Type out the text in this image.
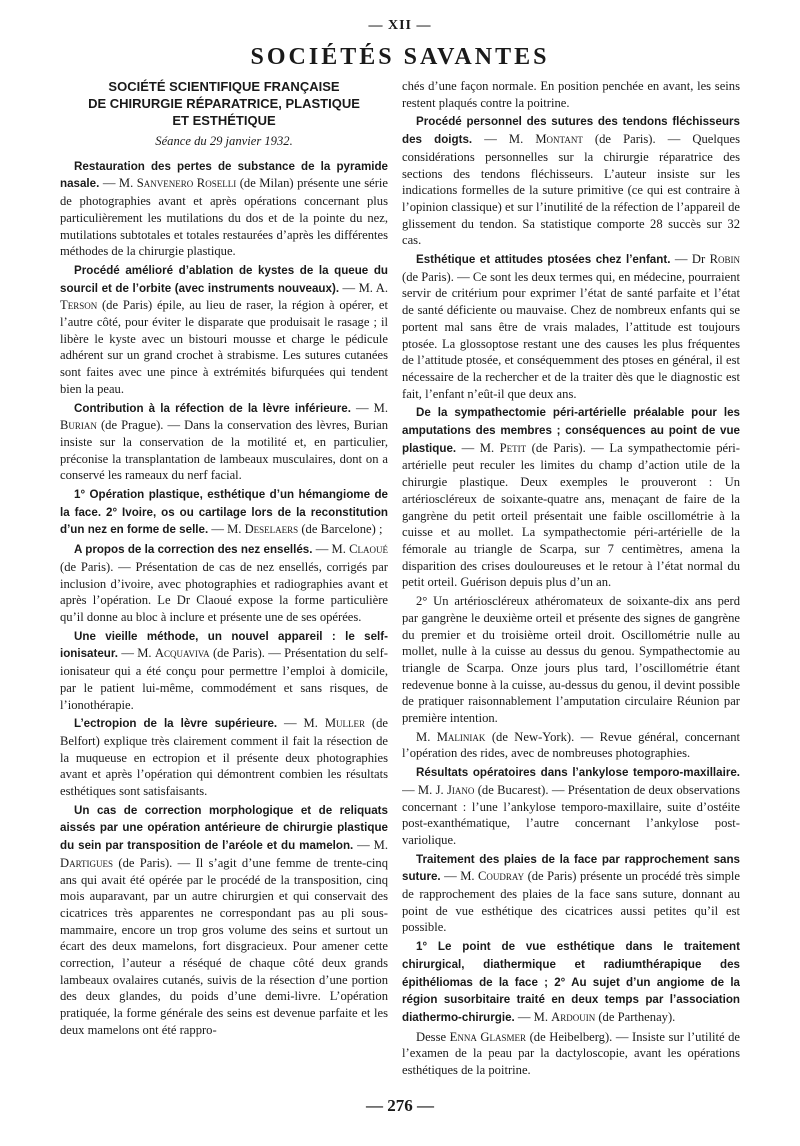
— XII —
SOCIÉTÉS SAVANTES
SOCIÉTÉ SCIENTIFIQUE FRANÇAISE
DE CHIRURGIE RÉPARATRICE, PLASTIQUE
ET ESTHÉTIQUE
Séance du 29 janvier 1932.

Restauration des pertes de substance de la pyramide nasale. — M. Sanvenero Roselli (de Milan) présente une série de photographies avant et après opérations concernant plus particulièrement les mutilations du dos et de la pointe du nez, mutilations subtotales et totales restaurées d’après les différentes méthodes de la chirurgie plastique.

Procédé amélioré d’ablation de kystes de la queue du sourcil et de l’orbite (avec instruments nouveaux). — M. A. Terson (de Paris) épile, au lieu de raser, la région à opérer, et l’autre côté, pour éviter le disparate que produisait le rasage ; il libère le kyste avec un bistouri mousse et charge le pédicule adhérent sur un grand crochet à strabisme. Les sutures cutanées sont faites avec une pince à extrémités bifurquées qui tendent bien la peau.

Contribution à la réfection de la lèvre inférieure. — M. Burian (de Prague). — Dans la conservation des lèvres, Burian insiste sur la conservation de la motilité et, en particulier, préconise la transplantation de lambeaux musculaires, dont on a conservé les rameaux du nerf facial.

1° Opération plastique, esthétique d’un hémangiome de la face. 2° Ivoire, os ou cartilage lors de la reconstitution d’un nez en forme de selle. — M. Deselaers (de Barcelone) ;

A propos de la correction des nez ensellés. — M. Claoué (de Paris). — Présentation de cas de nez ensellés, corrigés par inclusion d’ivoire, avec photographies et radiographies avant et après l’opération. Le Dr Claoué expose la forme particulière qu’il donne au bloc à inclure et présente une de ses opérées.

Une vieille méthode, un nouvel appareil : le self-ionisateur. — M. Acquaviva (de Paris). — Présentation du self-ionisateur qui a été conçu pour permettre l’emploi à domicile, par le patient lui-même, commodément et sans risques, de l’ionothérapie.

L’ectropion de la lèvre supérieure. — M. Muller (de Belfort) explique très clairement comment il fait la résection de la muqueuse en ectropion et il présente deux photographies avant et après l’opération qui démontrent combien les résultats esthétiques sont satisfaisants.

Un cas de correction morphologique et de reliquats aissés par une opération antérieure de chirurgie plastique du sein par transposition de l’aréole et du mamelon. — M. Dartigues (de Paris). — Il s’agit d’une femme de trente-cinq ans qui avait été opérée par le procédé de la transposition, cinq mois auparavant, par un autre chirurgien et qui conservait des cicatrices très apparentes ne correspondant pas au pli sous-mammaire, encore un trop gros volume des seins et surtout un écart des deux mamelons, fort disgracieux. Pour amener cette correction, l’auteur a réséqué de chaque côté deux grands lambeaux ovalaires cutanés, suivis de la résection d’une portion des deux glandes, du poids d’une demi-livre. L’opération pratiquée, la forme générale des seins est devenue parfaite et les deux mamelons ont été rappro-

chés d’une façon normale. En position penchée en avant, les seins restent plaqués contre la poitrine.

Procédé personnel des sutures des tendons fléchisseurs des doigts. — M. Montant (de Paris). — Quelques considérations personnelles sur la chirurgie réparatrice des sections des tendons fléchisseurs. L’auteur insiste sur les indications formelles de la suture primitive (ce qui est contraire à l’opinion classique) et sur l’inutilité de la réfection de l’appareil de glissement du tendon. Sa statistique comporte 28 succès sur 32 cas.

Esthétique et attitudes ptosées chez l’enfant. — Dr Robin (de Paris). — Ce sont les deux termes qui, en médecine, pourraient servir de critérium pour exprimer l’état de santé parfaite et l’état de santé déficiente ou mauvaise. Chez de nombreux enfants qui se portent mal sans être de vrais malades, l’attitude est toujours ptosée. La glossoptose restant une des causes les plus fréquentes de l’attitude ptosée, et conséquemment des ptoses en général, il est nécessaire de la rechercher et de la traiter dès que le diagnostic est fait, l’enfant n’eût-il que deux ans.

De la sympathectomie péri-artérielle préalable pour les amputations des membres ; conséquences au point de vue plastique. — M. Petit (de Paris). — La sympathectomie péri-artérielle peut reculer les limites du champ d’action utile de la chirurgie plastique. Deux exemples le prouveront : Un artérioscléreux de soixante-quatre ans, menaçant de faire de la gangrène du petit orteil présentait une faible oscillométrie à la cuisse et au mollet. La sympathectomie péri-artérielle de la fémorale au triangle de Scarpa, sur 7 centimètres, amena la disparition des crises douloureuses et le retour à l’état normal du petit orteil. Guérison depuis plus d’un an.

2° Un artérioscléreux athéromateux de soixante-dix ans perd par gangrène le deuxième orteil et présente des signes de gangrène du premier et du troisième orteil droit. Oscillométrie nulle au mollet, nulle à la cuisse au dessus du genou. Sympathectomie au triangle de Scarpa. Onze jours plus tard, l’oscillométrie étant redevenue bonne à la cuisse, au-dessus du genou, il devint possible de pratiquer raisonnablement l’amputation circulaire Réunion par première intention.

M. Maliniak (de New-York). — Revue général, concernant l’opération des rides, avec de nombreuses photographies.

Résultats opératoires dans l’ankylose temporo-maxillaire. — M. J. Jiano (de Bucarest). — Présentation de deux observations concernant : l’une l’ankylose temporo-maxillaire, suite d’ostéite post-exanthématique, l’autre concernant l’ankylose post-variolique.

Traitement des plaies de la face par rapprochement sans suture. — M. Coudray (de Paris) présente un procédé très simple de rapprochement des plaies de la face sans suture, donnant au point de vue esthétique des cicatrices aussi petites qu’il est possible.

1° Le point de vue esthétique dans le traitement chirurgical, diathermique et radiumthérapique des épithéliomas de la face ; 2° Au sujet d’un angiome de la région susorbitaire traité en deux temps par l’association diathermo-chirurgie. — M. Ardouin (de Parthenay).

Desse Enna Glasmer (de Heibelberg). — Insiste sur l’utilité de l’examen de la peau par la dactyloscopie, avant les opérations esthétiques de la poitrine.

— 276 —
